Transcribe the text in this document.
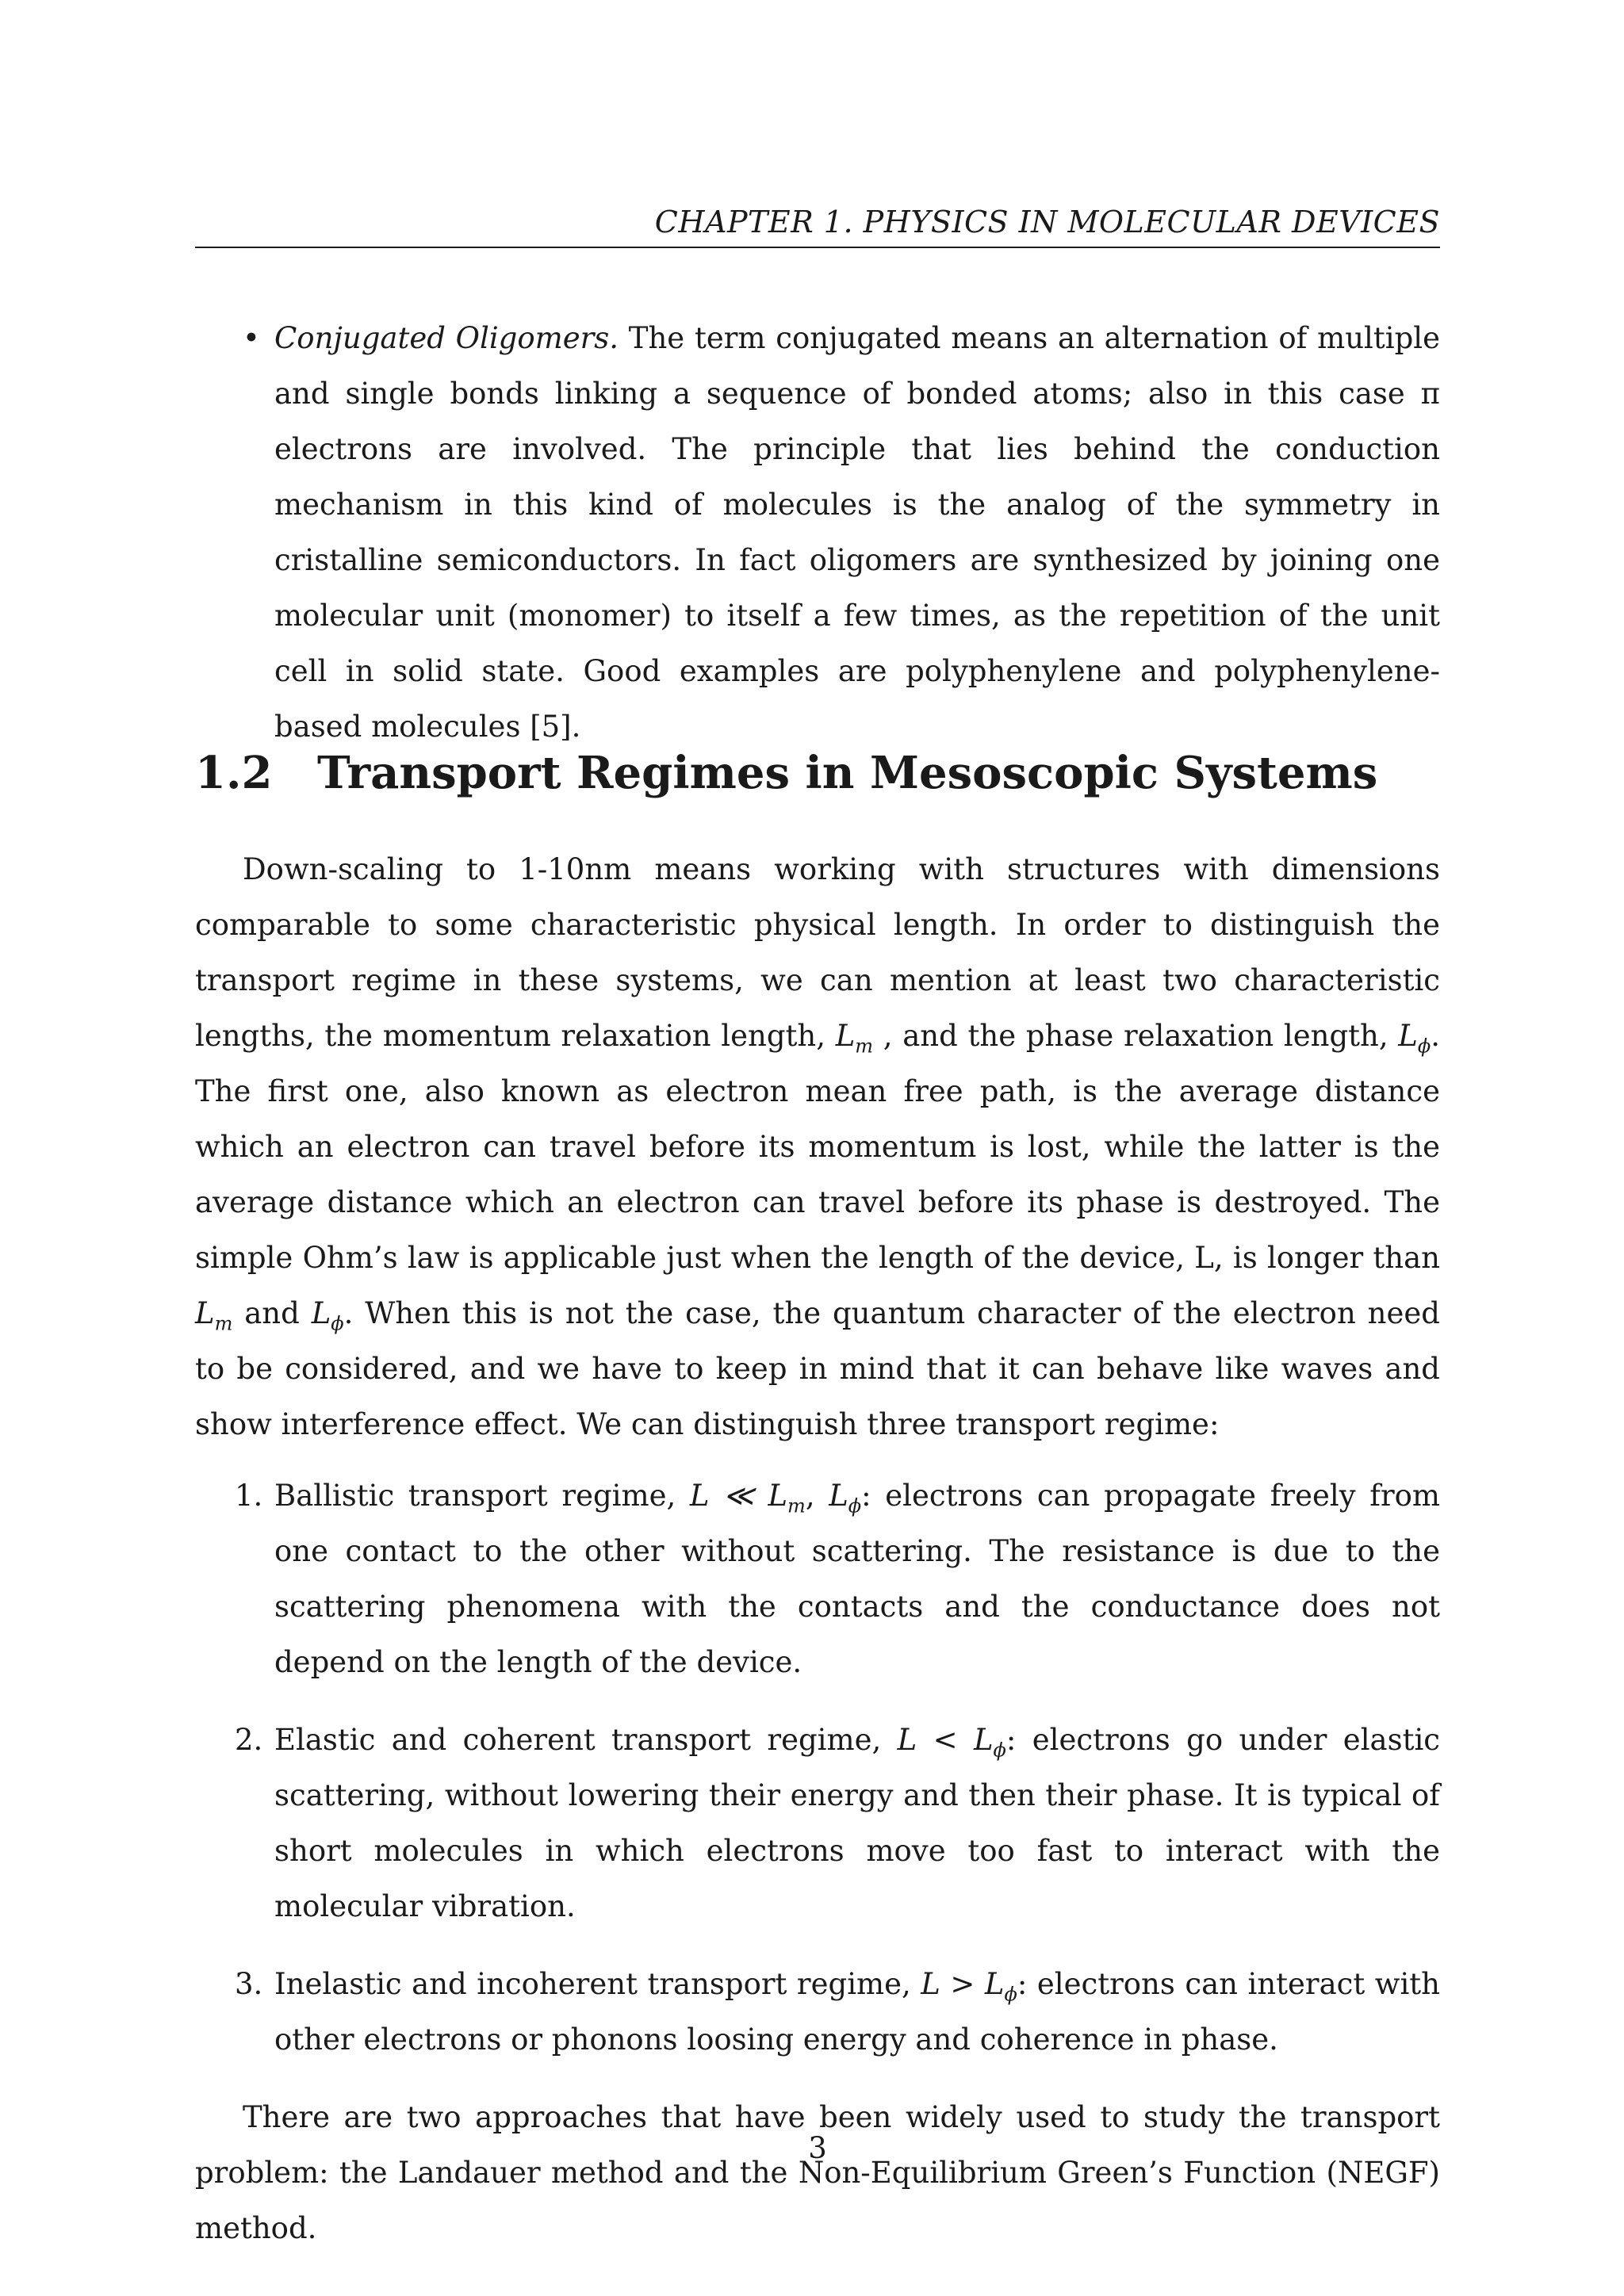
CHAPTER 1. PHYSICS IN MOLECULAR DEVICES
• Conjugated Oligomers. The term conjugated means an alternation of multiple and single bonds linking a sequence of bonded atoms; also in this case π electrons are involved. The principle that lies behind the conduction mechanism in this kind of molecules is the analog of the symmetry in cristalline semiconductors. In fact oligomers are synthesized by joining one molecular unit (monomer) to itself a few times, as the repetition of the unit cell in solid state. Good examples are polyphenylene and polyphenylene-based molecules [5].
1.2 Transport Regimes in Mesoscopic Systems

Down-scaling to 1-10nm means working with structures with dimensions comparable to some characteristic physical length. In order to distinguish the transport regime in these systems, we can mention at least two characteristic lengths, the momentum relaxation length, $L_m$ , and the phase relaxation length, $L_\phi$. The first one, also known as electron mean free path, is the average distance which an electron can travel before its momentum is lost, while the latter is the average distance which an electron can travel before its phase is destroyed. The simple Ohm’s law is applicable just when the length of the device, L, is longer than $L_m$ and $L_\phi$. When this is not the case, the quantum character of the electron need to be considered, and we have to keep in mind that it can behave like waves and show interference effect. We can distinguish three transport regime:

1. Ballistic transport regime, L ≪ $L_m$, $L_\phi$: electrons can propagate freely from one contact to the other without scattering. The resistance is due to the scattering phenomena with the contacts and the conductance does not depend on the length of the device.
2. Elastic and coherent transport regime, $L < L_\phi$: electrons go under elastic scattering, without lowering their energy and then their phase. It is typical of short molecules in which electrons move too fast to interact with the molecular vibration.
3. Inelastic and incoherent transport regime, $L > L_\phi$: electrons can interact with other electrons or phonons loosing energy and coherence in phase.

There are two approaches that have been widely used to study the transport problem: the Landauer method and the Non-Equilibrium Green’s Function (NEGF) method.

3
